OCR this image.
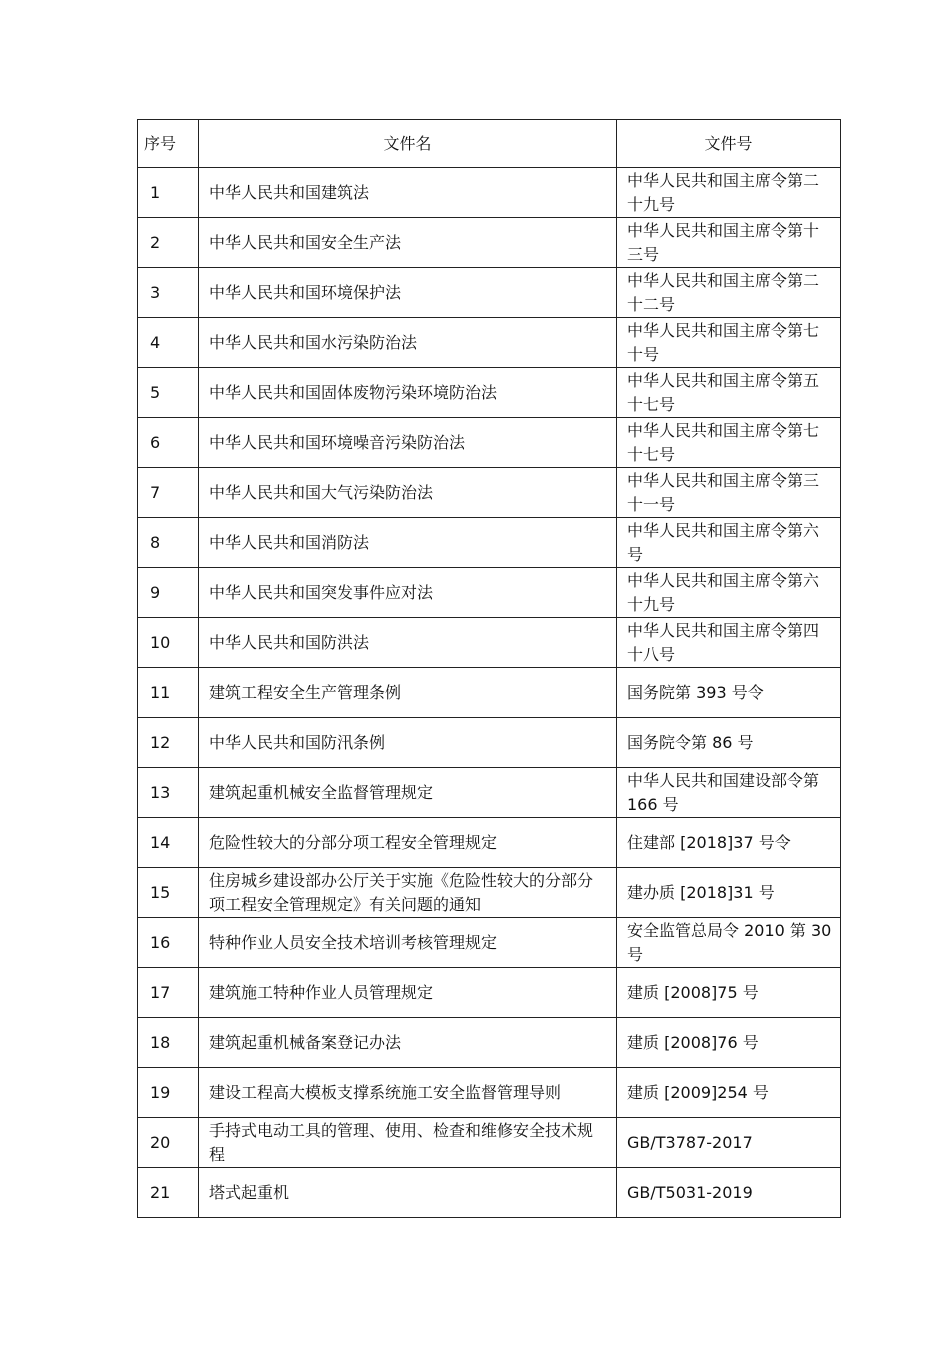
序号	文件名	文件号
1	中华人民共和国建筑法	中华人民共和国主席令第二十九号
2	中华人民共和国安全生产法	中华人民共和国主席令第十三号
3	中华人民共和国环境保护法	中华人民共和国主席令第二十二号
4	中华人民共和国水污染防治法	中华人民共和国主席令第七十号
5	中华人民共和国固体废物污染环境防治法	中华人民共和国主席令第五十七号
6	中华人民共和国环境噪音污染防治法	中华人民共和国主席令第七十七号
7	中华人民共和国大气污染防治法	中华人民共和国主席令第三十一号
8	中华人民共和国消防法	中华人民共和国主席令第六号
9	中华人民共和国突发事件应对法	中华人民共和国主席令第六十九号
10	中华人民共和国防洪法	中华人民共和国主席令第四十八号
11	建筑工程安全生产管理条例	国务院第 393 号令
12	中华人民共和国防汛条例	国务院令第 86 号
13	建筑起重机械安全监督管理规定	中华人民共和国建设部令第 166 号
14	危险性较大的分部分项工程安全管理规定	住建部 [2018]37 号令
15	住房城乡建设部办公厅关于实施《危险性较大的分部分项工程安全管理规定》有关问题的通知	建办质 [2018]31 号
16	特种作业人员安全技术培训考核管理规定	安全监管总局令 2010 第 30 号
17	建筑施工特种作业人员管理规定	建质 [2008]75 号
18	建筑起重机械备案登记办法	建质 [2008]76 号
19	建设工程高大模板支撑系统施工安全监督管理导则	建质 [2009]254 号
20	手持式电动工具的管理、使用、检查和维修安全技术规程	GB/T3787-2017
21	塔式起重机	GB/T5031-2019
